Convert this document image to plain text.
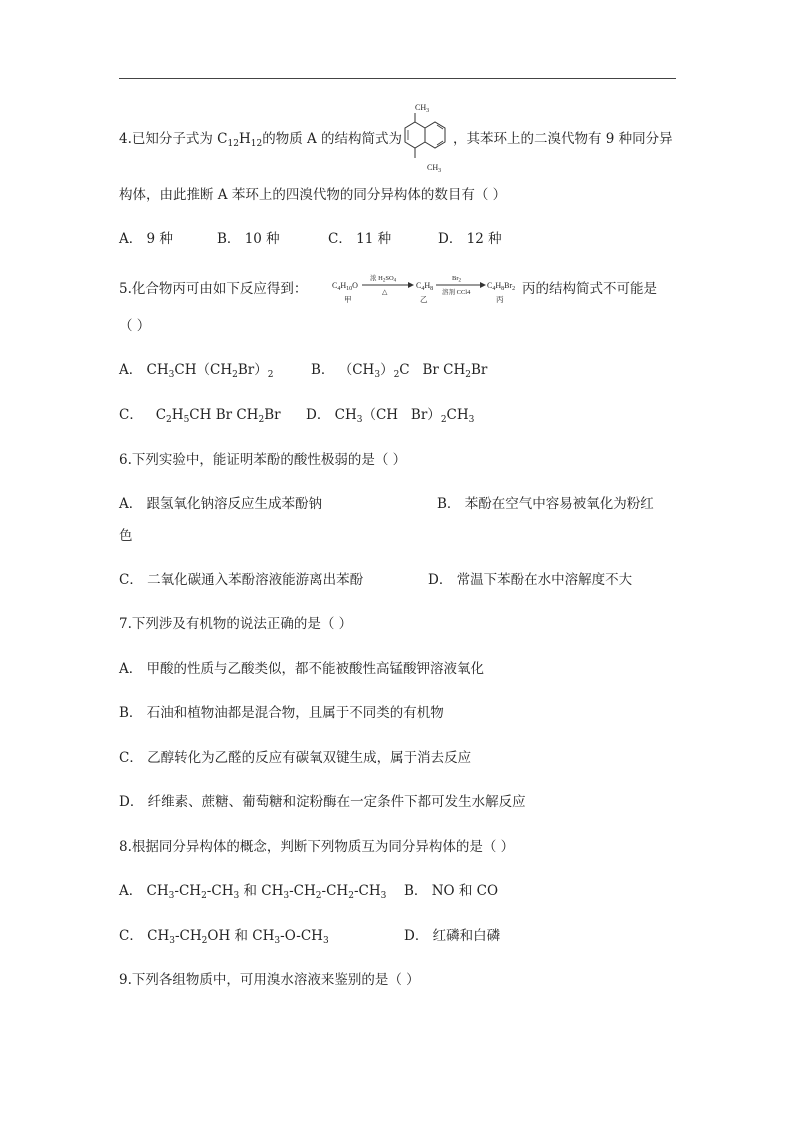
4.已知分子式为 $C_{12}H_{12}$的物质 A 的结构简式为
$CH_3$
$CH_3$
，其苯环上的二溴代物有 9 种同分异
构体，由此推断 A 苯环上的四溴代物的同分异构体的数目有（ ）
A． 9 种	B． 10 种	C． 11 种	D． 12 种
5.化合物丙可由如下反应得到：	$C_4H_{10}O$
甲
浓 $H_2SO_4$
△
$C_4H_8$
乙
$Br_2$
溶剂 CCl4
$C_4H_8Br_2$
丙
丙的结构简式不可能是
（ ）
A． $CH_3CH(CH_2Br)_2$	B． $(CH_3)_2C$   Br $CH_2Br$
C．   $C_2H_5CH$ Br $CH_2Br$ D． $CH_3(CH$   $Br)_2CH_3$
6.下列实验中，能证明苯酚的酸性极弱的是（ ）
A． 跟氢氧化钠溶反应生成苯酚钠	B． 苯酚在空气中容易被氧化为粉红
色
C． 二氧化碳通入苯酚溶液能游离出苯酚	D． 常温下苯酚在水中溶解度不大
7.下列涉及有机物的说法正确的是（ ）
A． 甲酸的性质与乙酸类似，都不能被酸性高锰酸钾溶液氧化
B． 石油和植物油都是混合物，且属于不同类的有机物
C． 乙醇转化为乙醛的反应有碳氧双键生成，属于消去反应
D． 纤维素、蔗糖、葡萄糖和淀粉酶在一定条件下都可发生水解反应
8.根据同分异构体的概念，判断下列物质互为同分异构体的是（ ）
A． $CH_3-CH_2-CH_3$ 和 $CH_3-CH_2-CH_2-CH_3$ B． NO 和 CO
C． $CH_3-CH_2OH$ 和 $CH_3-O-CH_3$	D． 红磷和白磷
9.下列各组物质中，可用溴水溶液来鉴别的是（ ）
